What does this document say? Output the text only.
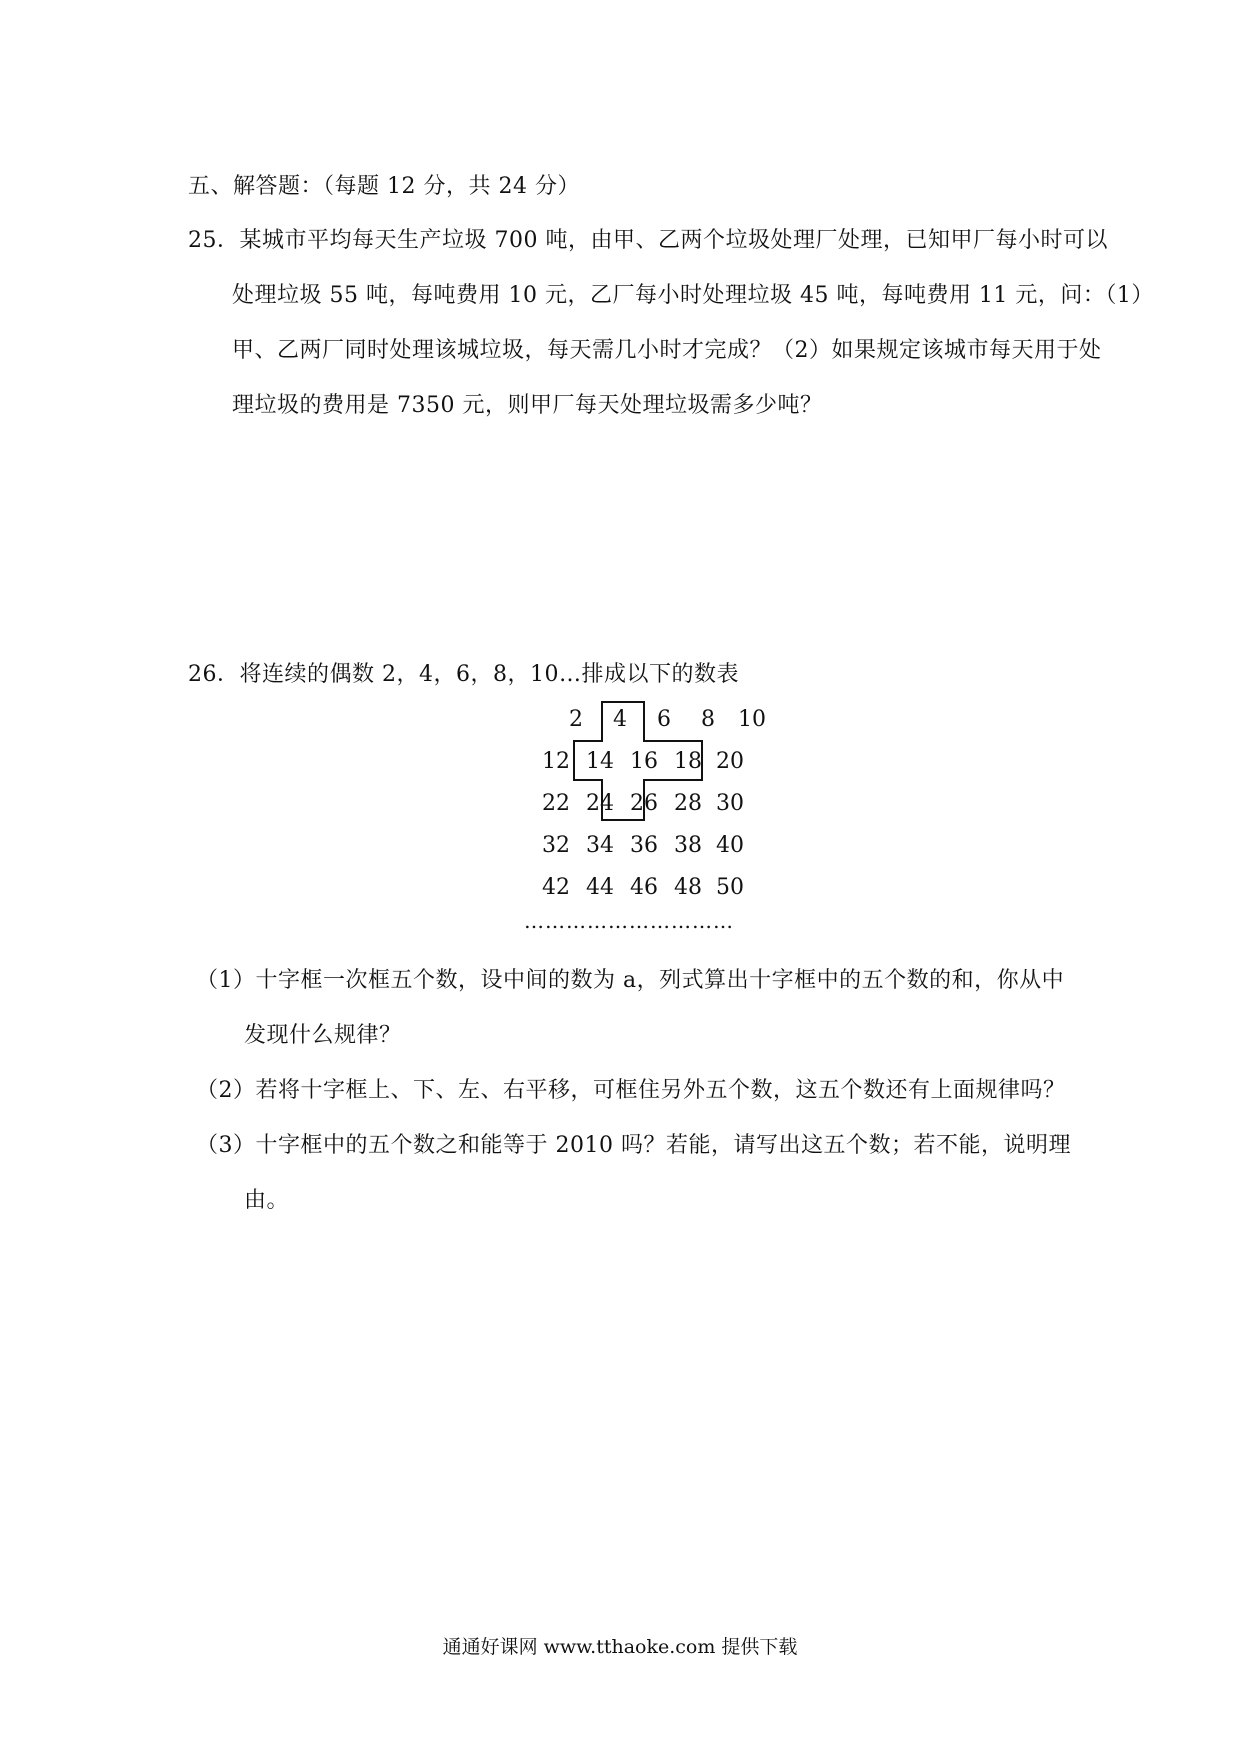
五、解答题：（每题 12 分，共 24 分）
25．某城市平均每天生产垃圾 700 吨，由甲、乙两个垃圾处理厂处理，已知甲厂每小时可以
处理垃圾 55 吨，每吨费用 10 元，乙厂每小时处理垃圾 45 吨，每吨费用 11 元，问：（1）
甲、乙两厂同时处理该城垃圾，每天需几小时才完成？（2）如果规定该城市每天用于处
理垃圾的费用是 7350 元，则甲厂每天处理垃圾需多少吨？
26．将连续的偶数 2，4，6，8，10…排成以下的数表
2	4	6	8	10
12 14 16 18 20
22 24 26 28 30
32 34 36 38 40
42 44 46 48 50
…………………………
（1）十字框一次框五个数，设中间的数为 a，列式算出十字框中的五个数的和，你从中
发现什么规律？
（2）若将十字框上、下、左、右平移，可框住另外五个数，这五个数还有上面规律吗？
（3）十字框中的五个数之和能等于 2010 吗？若能，请写出这五个数；若不能，说明理
由。
通通好课网 www.tthaoke.com 提供下载
